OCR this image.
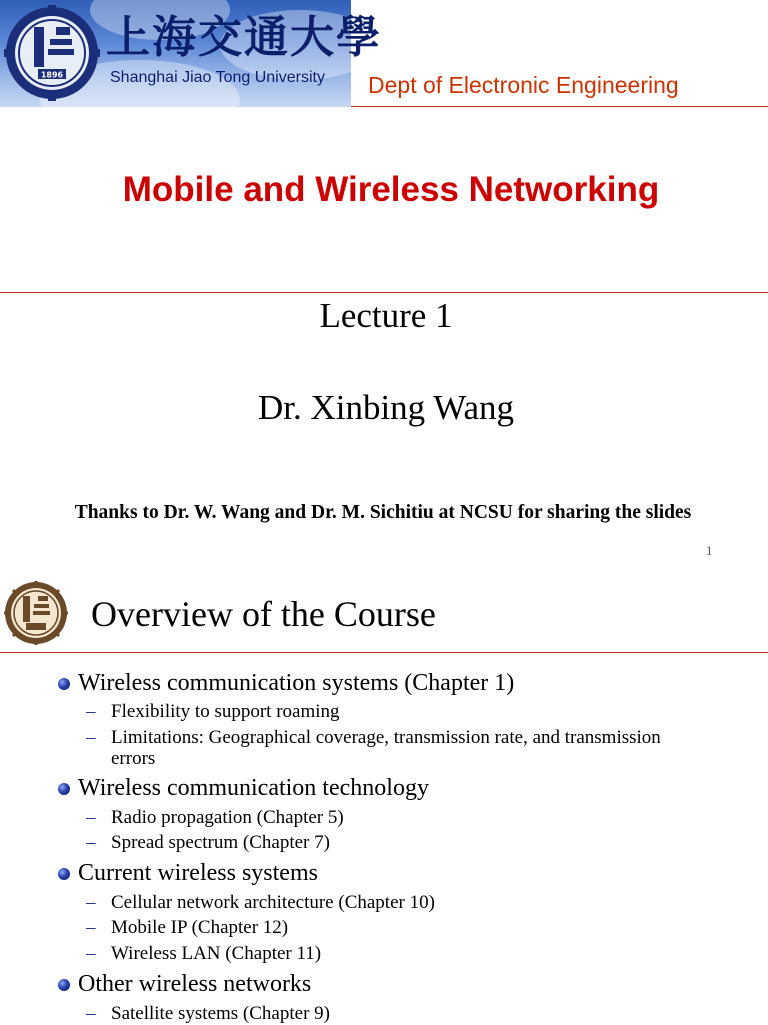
1896
上海交通大學
Shanghai Jiao Tong University Dept of Electronic Engineering
Mobile and Wireless Networking
Lecture 1
Dr. Xinbing Wang
Thanks to Dr. W. Wang and Dr. M. Sichitiu at NCSU for sharing the slides
1
Overview of the Course
Wireless communication systems (Chapter 1)
– Flexibility to support roaming
– Limitations: Geographical coverage, transmission rate, and transmission
errors
Wireless communication technology
– Radio propagation (Chapter 5)
– Spread spectrum (Chapter 7)
Current wireless systems
– Cellular network architecture (Chapter 10)
– Mobile IP (Chapter 12)
– Wireless LAN (Chapter 11)
Other wireless networks
– Satellite systems (Chapter 9)
